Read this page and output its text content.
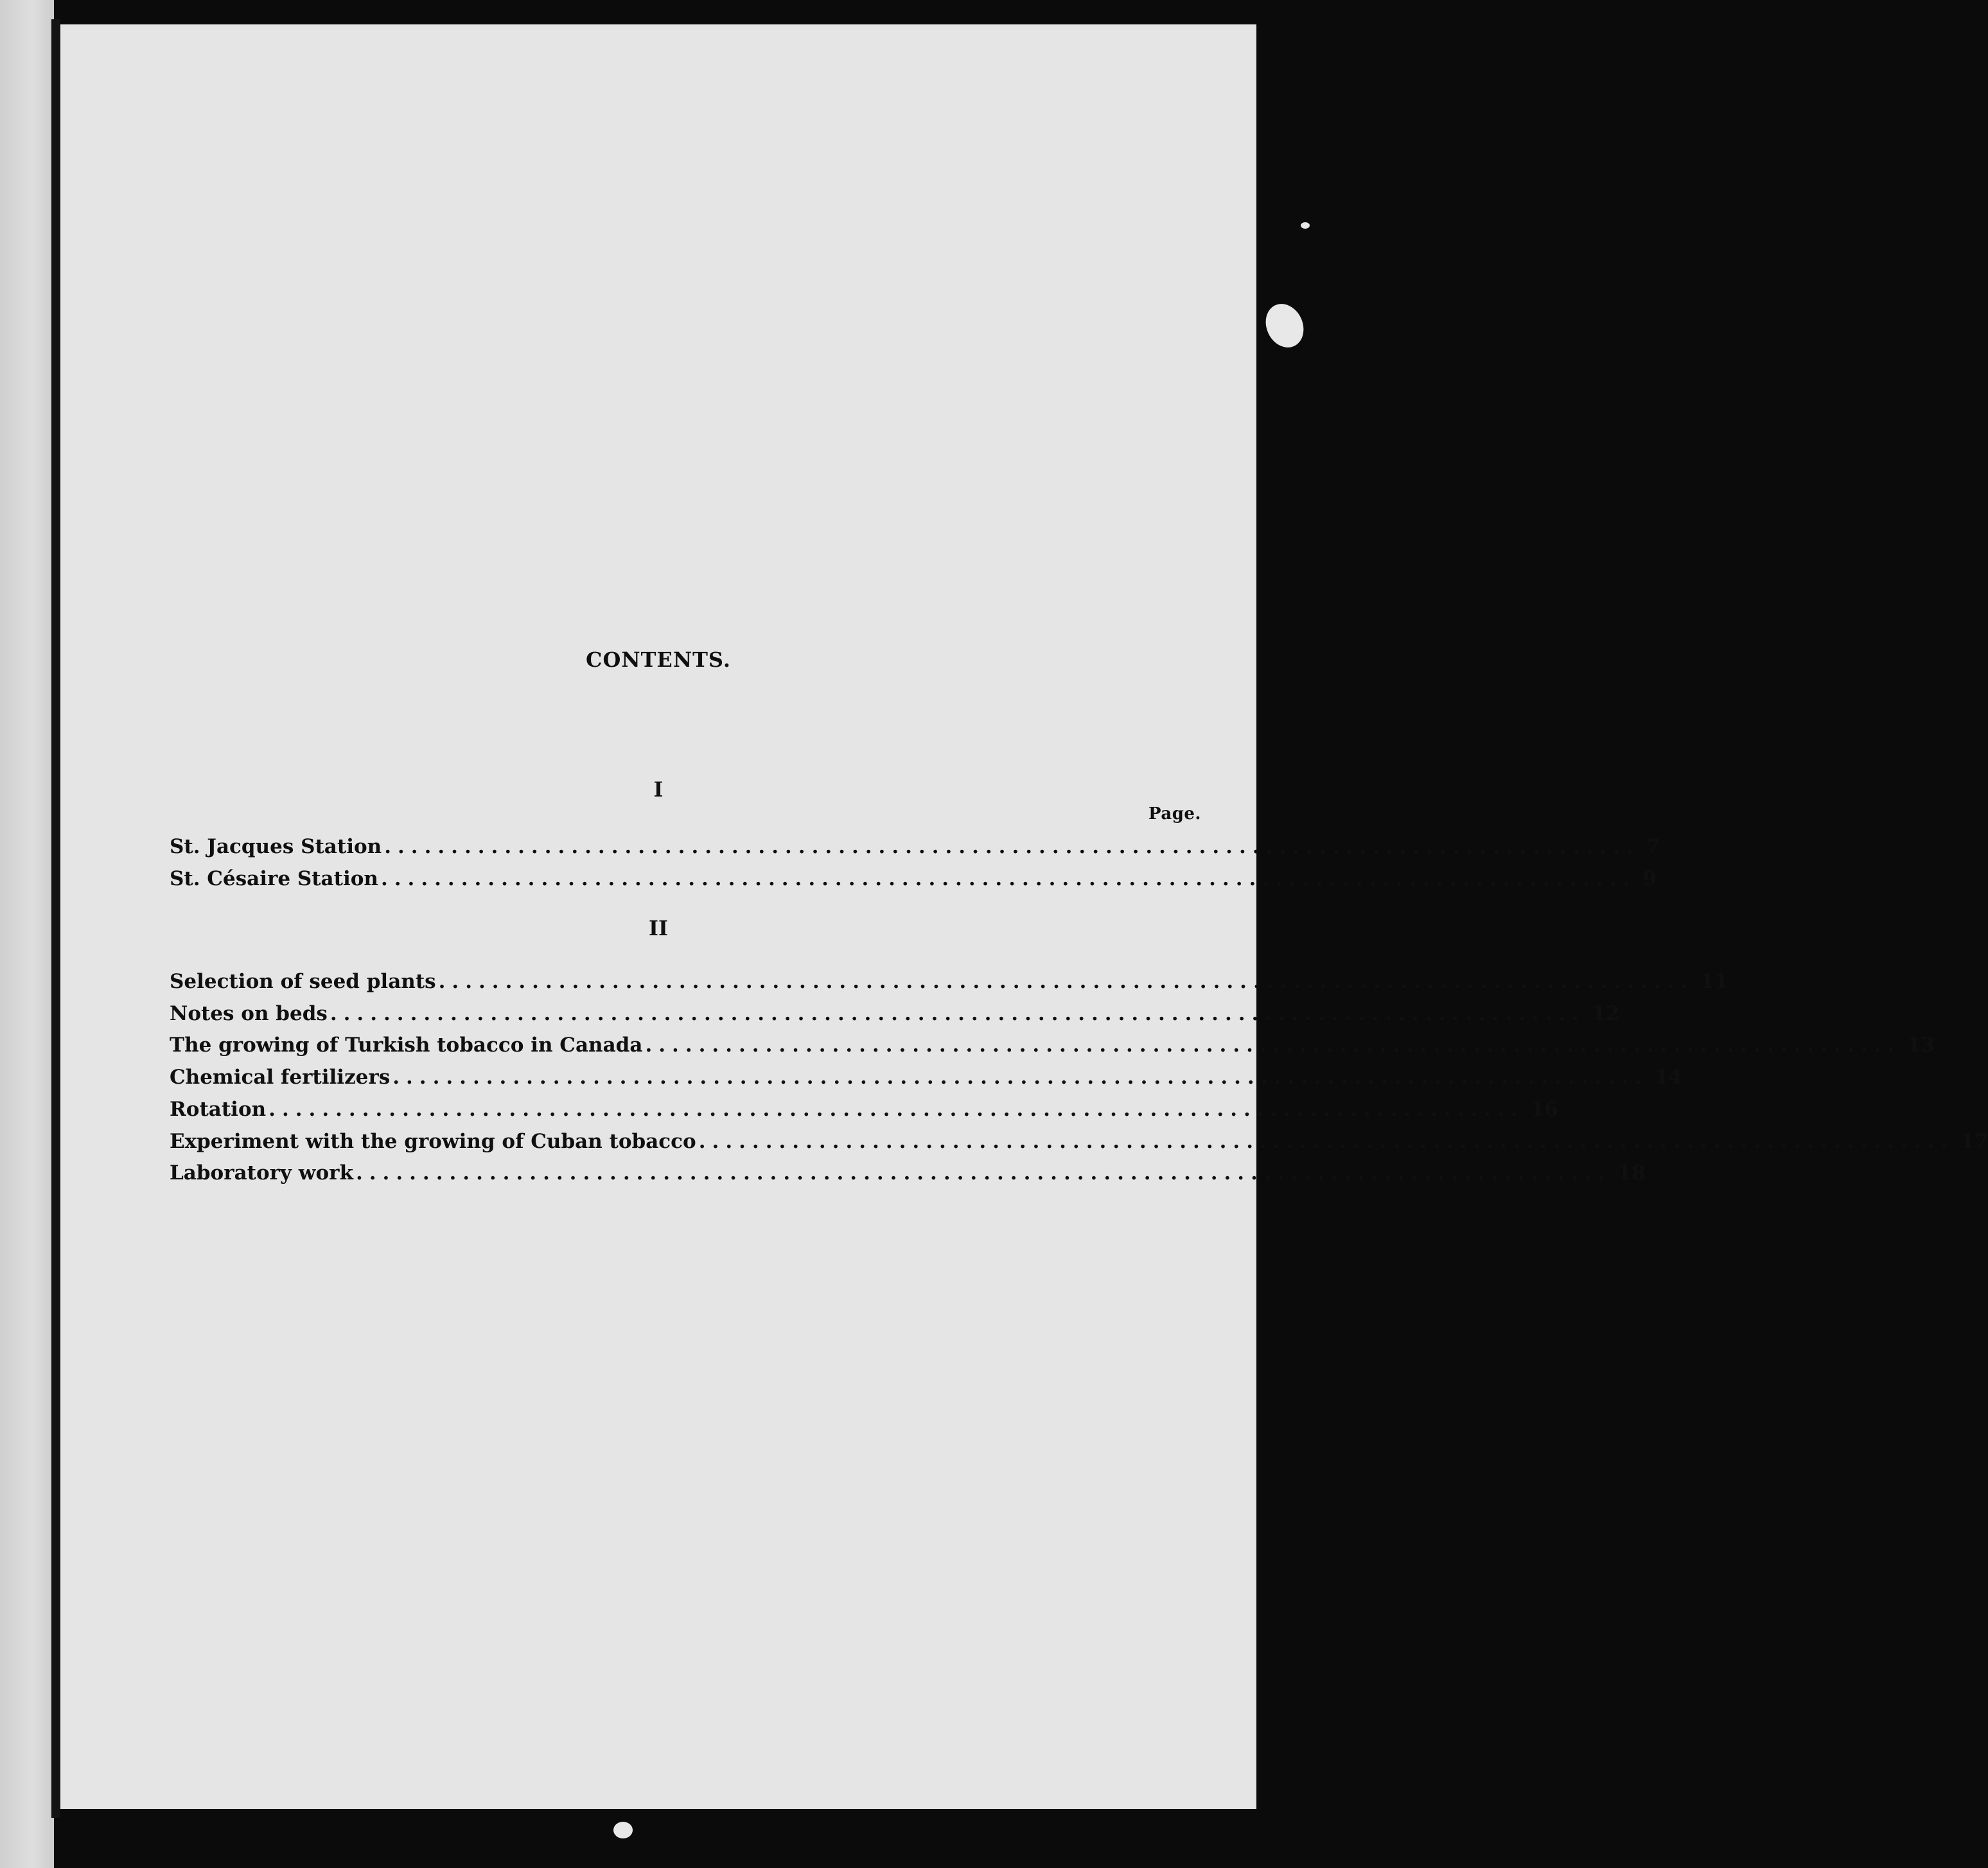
CONTENTS.
I
Page.
St. Jacques Station .............................................................................................. 7
St. Césaire Station .............................................................................................. 9
II
Selection of seed plants .............................................................................................. 11
Notes on beds .............................................................................................. 12
The growing of Turkish tobacco in Canada .............................................................................................. 13
Chemical fertilizers .............................................................................................. 14
Rotation .............................................................................................. 16
Experiment with the growing of Cuban tobacco .............................................................................................. 17
Laboratory work .............................................................................................. 18
